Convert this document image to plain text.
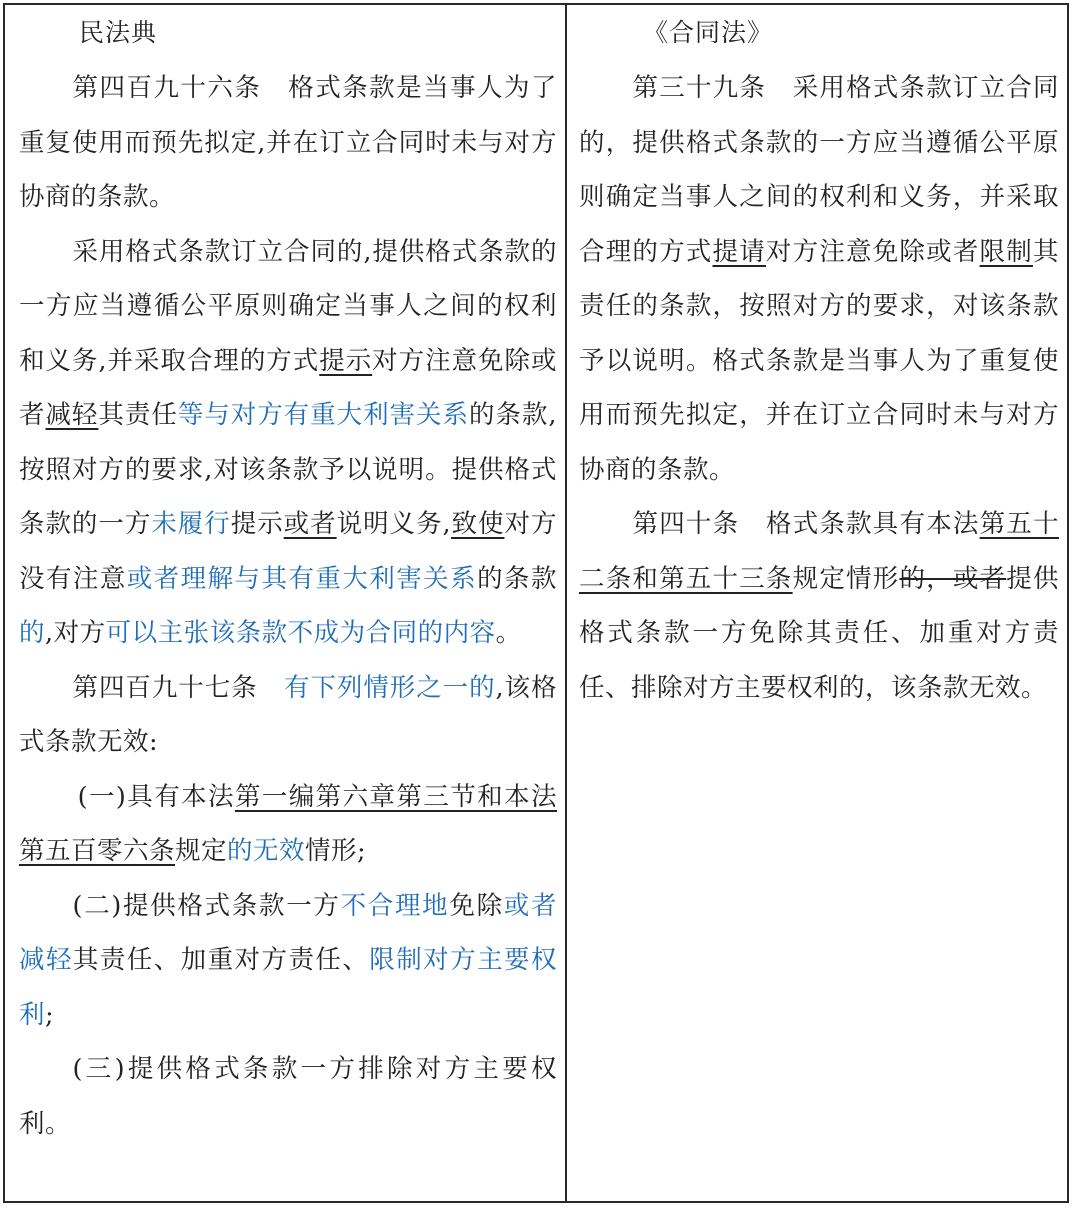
民法典

第四百九十六条　格式条款是当事人为了重复使用而预先拟定,并在订立合同时未与对方协商的条款。

采用格式条款订立合同的,提供格式条款的一方应当遵循公平原则确定当事人之间的权利和义务,并采取合理的方式提示对方注意免除或者减轻其责任等与对方有重大利害关系的条款,按照对方的要求,对该条款予以说明。提供格式条款的一方未履行提示或者说明义务,致使对方没有注意或者理解与其有重大利害关系的条款的,对方可以主张该条款不成为合同的内容。

第四百九十七条　有下列情形之一的,该格式条款无效:

(一)具有本法第一编第六章第三节和本法第五百零六条规定的无效情形;

(二)提供格式条款一方不合理地免除或者减轻其责任、加重对方责任、限制对方主要权利;

(三)提供格式条款一方排除对方主要权利。

《合同法》

第三十九条　采用格式条款订立合同的，提供格式条款的一方应当遵循公平原则确定当事人之间的权利和义务，并采取合理的方式提请对方注意免除或者限制其责任的条款，按照对方的要求，对该条款予以说明。格式条款是当事人为了重复使用而预先拟定，并在订立合同时未与对方协商的条款。

第四十条　格式条款具有本法第五十二条和第五十三条规定情形的，或者提供格式条款一方免除其责任、加重对方责任、排除对方主要权利的，该条款无效。
